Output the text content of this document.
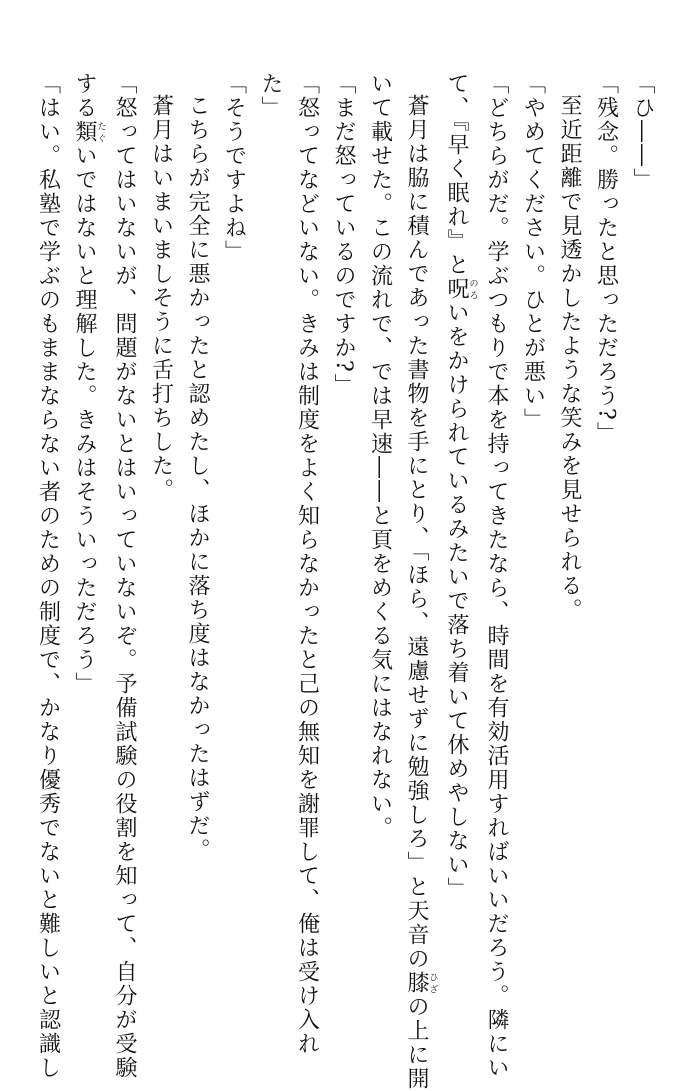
「ひ――」
「残念。勝ったと思っただろう?」
至近距離で見透かしたような笑みを見せられる。
「やめてください。ひとが悪い」
「どちらがだ。学ぶつもりで本を持ってきたなら、時間を有効活用すればいいだろう。隣にい
て、『早く眠れ』と呪のろいをかけられているみたいで落ち着いて休めやしない」
蒼月は脇に積んであった書物を手にとり、「ほら、遠慮せずに勉強しろ」と天音の膝ひざの上に開
いて載せた。この流れで、では早速――と頁をめくる気にはなれない。
「まだ怒っているのですか?」
「怒ってなどいない。きみは制度をよく知らなかったと己の無知を謝罪して、俺は受け入れ
た」
「そうですよね」
こちらが完全に悪かったと認めたし、ほかに落ち度はなかったはずだ。
蒼月はいまいましそうに舌打ちした。
「怒ってはいないが、問題がないとはいっていないぞ。予備試験の役割を知って、自分が受験
する類たぐいではないと理解した。きみはそういっただろう」
「はい。私塾で学ぶのもままならない者のための制度で、かなり優秀でないと難しいと認識し
